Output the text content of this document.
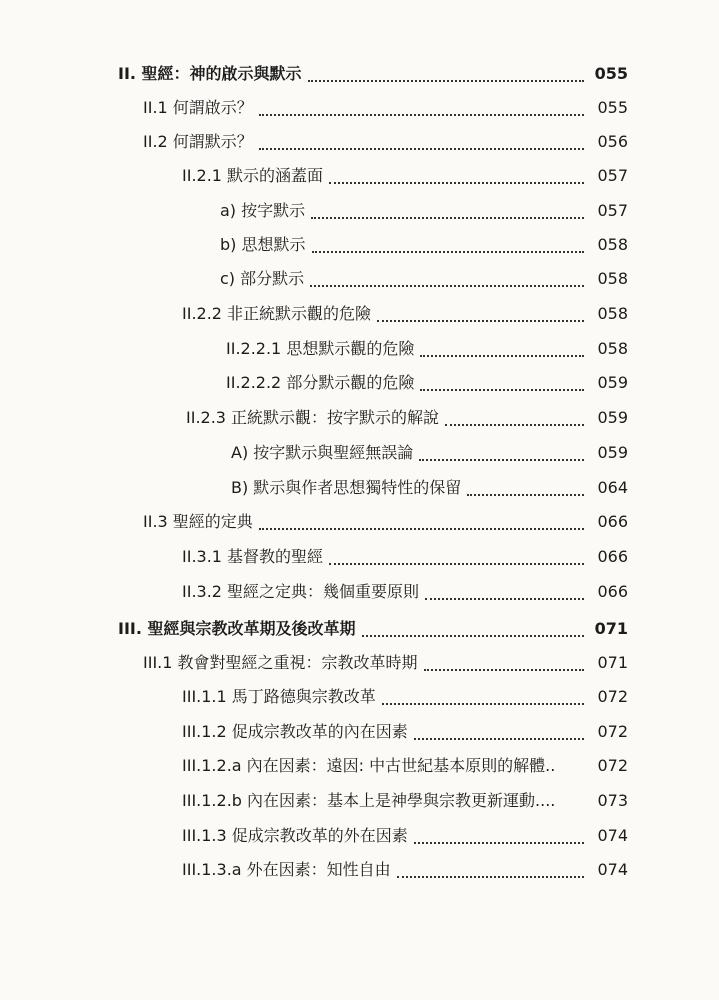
II. 聖經：神的啟示與默示	055
II.1 何謂啟示？	055
II.2 何謂默示？	056
II.2.1 默示的涵蓋面	057
a) 按字默示	057
b) 思想默示	058
c) 部分默示	058
II.2.2 非正統默示觀的危險	058
II.2.2.1 思想默示觀的危險	058
II.2.2.2 部分默示觀的危險	059
II.2.3 正統默示觀：按字默示的解說	059
A) 按字默示與聖經無誤論	059
B) 默示與作者思想獨特性的保留	064
II.3 聖經的定典	066
II.3.1 基督教的聖經	066
II.3.2 聖經之定典：幾個重要原則	066
III. 聖經與宗教改革期及後改革期	071
III.1 教會對聖經之重視：宗教改革時期	071
III.1.1 馬丁路德與宗教改革	072
III.1.2 促成宗教改革的內在因素	072
III.1.2.a 內在因素：遠因: 中古世紀基本原則的解體..	072
III.1.2.b 內在因素：基本上是神學與宗教更新運動....	073
III.1.3 促成宗教改革的外在因素	074
III.1.3.a 外在因素：知性自由	074
